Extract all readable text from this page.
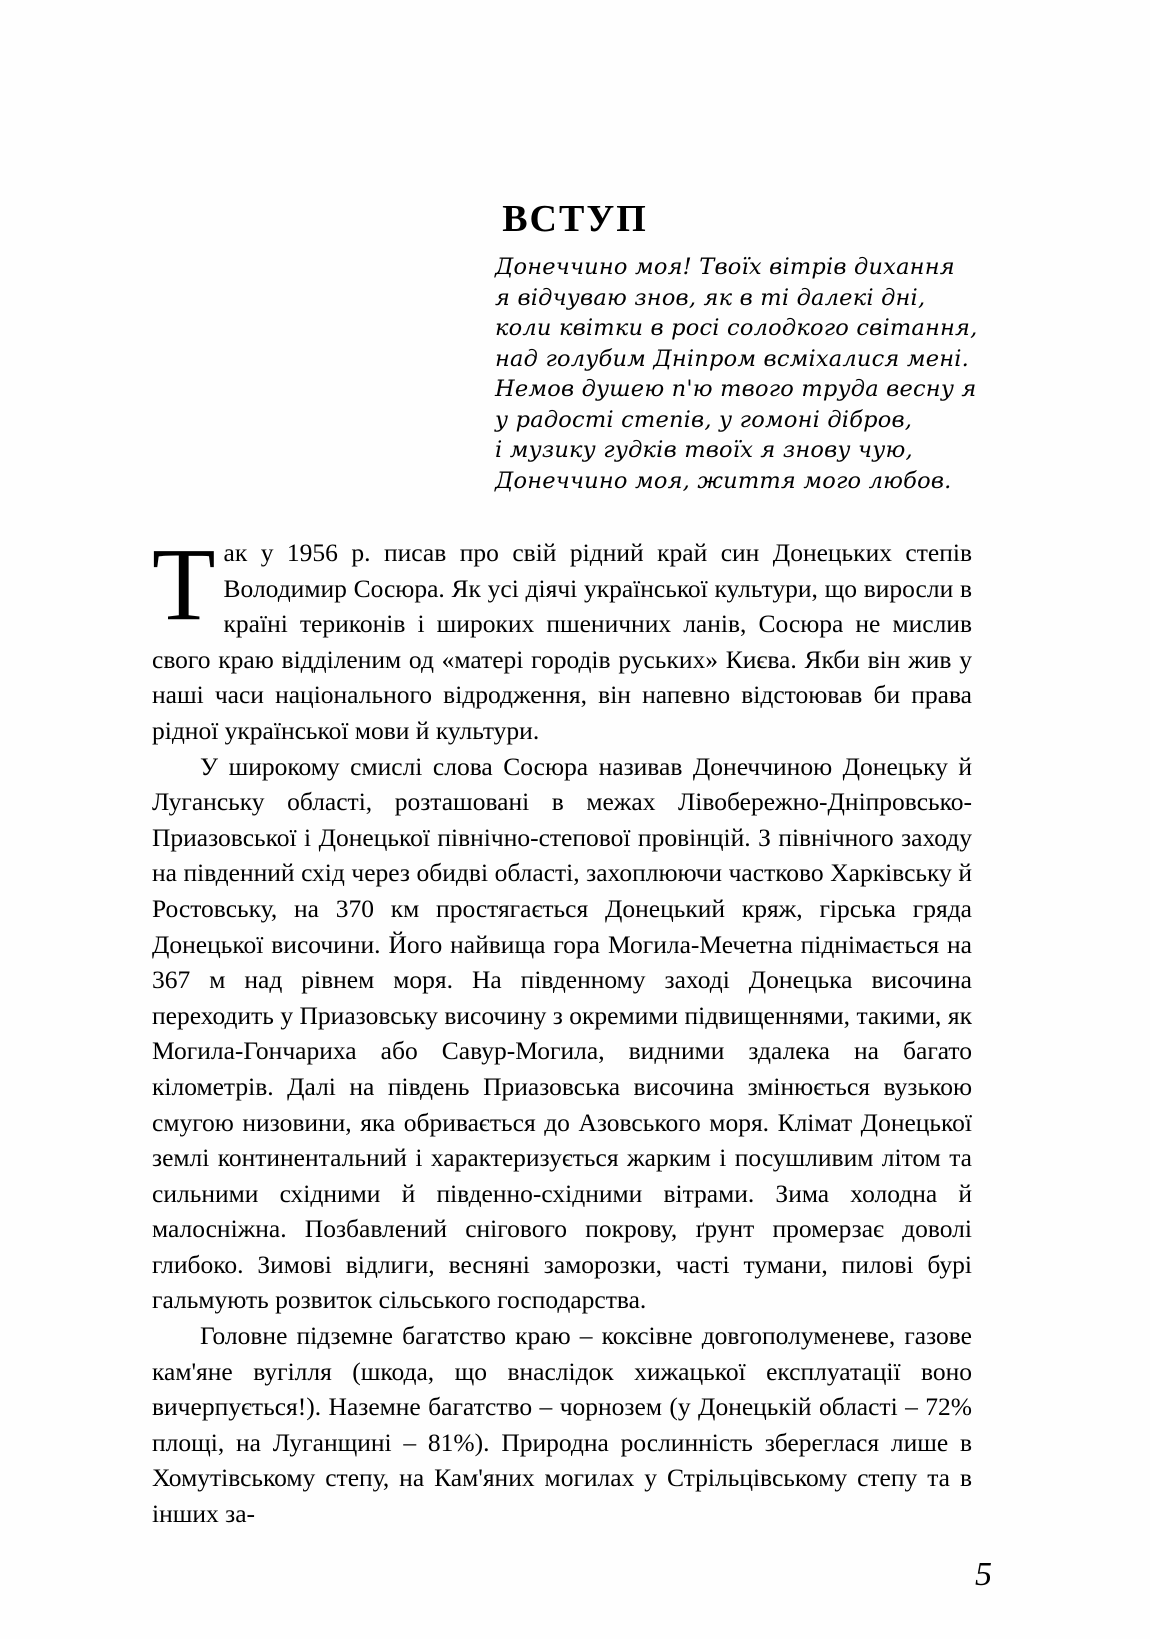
ВСТУП
Донеччино моя! Твоїх вітрів дихання
я відчуваю знов, як в ті далекі дні,
коли квітки в росі солодкого світання,
над голубим Дніпром всміхалися мені.
Немов душею п'ю твого труда весну я
у радості степів, у гомоні дібров,
і музику гудків твоїх я знову чую,
Донеччино моя, життя мого любов.

Так у 1956 р. писав про свій рідний край син Донецьких степів Володимир Сосюра. Як усі діячі української культури, що виросли в країні териконів і широких пшеничних ланів, Сосюра не мислив свого краю відділеним од «матері городів руських» Києва. Якби він жив у наші часи національного відродження, він напевно відстоював би права рідної української мови й культури.

У широкому смислі слова Сосюра називав Донеччиною Донецьку й Луганську області, розташовані в межах Лівобережно-Дніпровсько-Приазовської і Донецької північно-степової провінцій. З північного заходу на південний схід через обидві області, захоплюючи частково Харківську й Ростовську, на 370 км простягається Донецький кряж, гірська гряда Донецької височини. Його найвища гора Могила-Мечетна піднімається на 367 м над рівнем моря. На південному заході Донецька височина переходить у Приазовську височину з окремими підвищеннями, такими, як Могила-Гончариха або Савур-Могила, видними здалека на багато кілометрів. Далі на південь Приазовська височина змінюється вузькою смугою низовини, яка обривається до Азовського моря. Клімат Донецької землі континентальний і характеризується жарким і посушливим літом та сильними східними й південно-східними вітрами. Зима холодна й малосніжна. Позбавлений снігового покрову, ґрунт промерзає доволі глибоко. Зимові відлиги, весняні заморозки, часті тумани, пилові бурі гальмують розвиток сільського господарства.

Головне підземне багатство краю – коксівне довгополуменеве, газове кам'яне вугілля (шкода, що внаслідок хижацької експлуатації воно вичерпується!). Наземне багатство – чорнозем (у Донецькій області – 72% площі, на Луганщині – 81%). Природна рослинність збереглася лише в Хомутівському степу, на Кам'яних могилах у Стрільцівському степу та в інших за-

5
